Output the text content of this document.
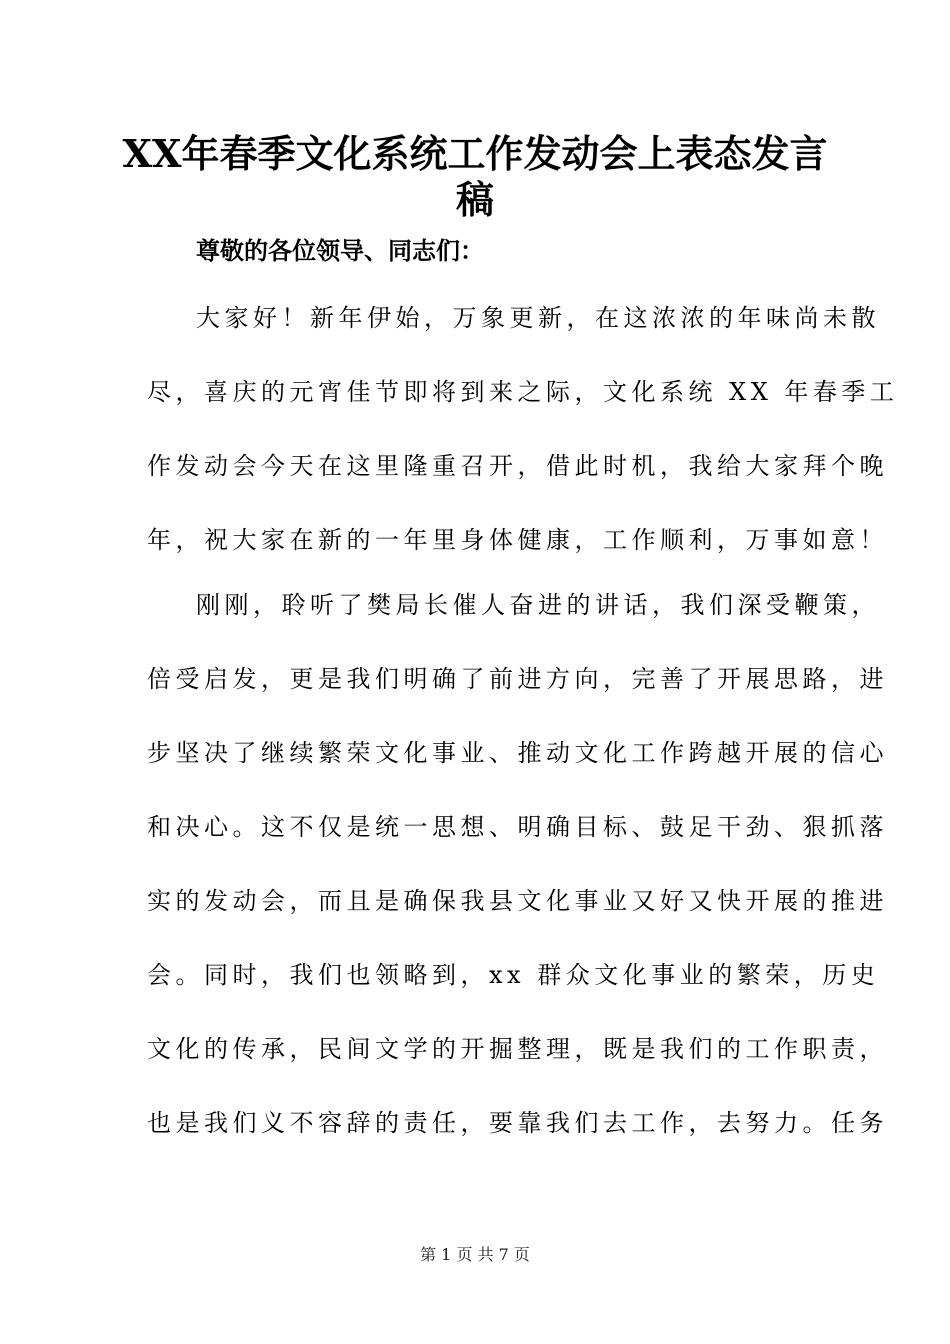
XX年春季文化系统工作发动会上表态发言
稿

尊敬的各位领导、同志们：

大家好！新年伊始，万象更新，在这浓浓的年味尚未散

尽，喜庆的元宵佳节即将到来之际，文化系统 XX 年春季工

作发动会今天在这里隆重召开，借此时机，我给大家拜个晚

年，祝大家在新的一年里身体健康，工作顺利，万事如意！

刚刚，聆听了樊局长催人奋进的讲话，我们深受鞭策，

倍受启发，更是我们明确了前进方向，完善了开展思路，进

步坚决了继续繁荣文化事业、推动文化工作跨越开展的信心

和决心。这不仅是统一思想、明确目标、鼓足干劲、狠抓落

实的发动会，而且是确保我县文化事业又好又快开展的推进

会。同时，我们也领略到，xx 群众文化事业的繁荣，历史

文化的传承，民间文学的开掘整理，既是我们的工作职责，

也是我们义不容辞的责任，要靠我们去工作，去努力。任务

第 1 页 共 7 页
